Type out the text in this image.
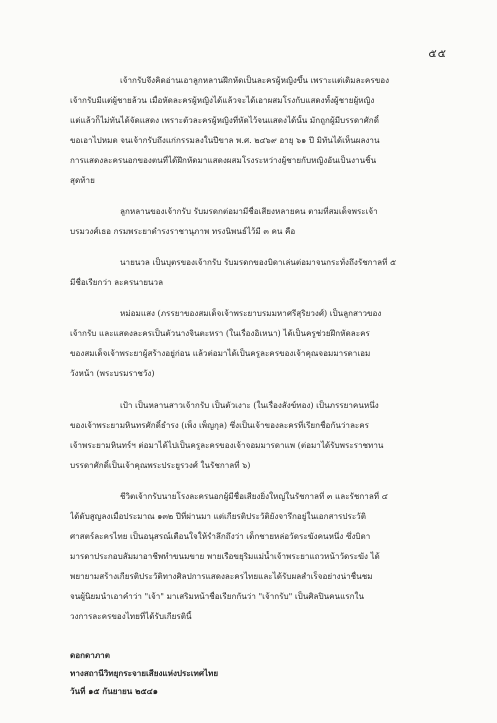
๕๕
เจ้ากรับจึงคิดอ่านเอาลูกหลานฝึกหัดเป็นละครผู้หญิงขึ้น เพราะแต่เดิมละครของ
เจ้ากรับมีแต่ผู้ชายล้วน เมื่อหัดละครผู้หญิงได้แล้วจะได้เอาผสมโรงกับแสดงทั้งผู้ชายผู้หญิง
แต่แล้วก็ไม่ทันได้จัดแสดง เพราะตัวละครผู้หญิงที่หัดไว้จนแสดงได้นั้น มักถูกผู้มีบรรดาศักดิ์
ขอเอาไปหมด จนเจ้ากรับถึงแก่กรรมลงในปีขาล พ.ศ. ๒๔๖๙ อายุ ๖๑ ปี มิทันได้เห็นผลงาน
การแสดงละครนอกของตนที่ได้ฝึกหัดมาแสดงผสมโรงระหว่างผู้ชายกับหญิงอันเป็นงานชิ้น
สุดท้าย
ลูกหลานของเจ้ากรับ รับมรดกต่อมามีชื่อเสียงหลายคน ตามที่สมเด็จพระเจ้า
บรมวงศ์เธอ กรมพระยาดำรงราชานุภาพ ทรงนิพนธ์ไว้มี ๓ คน คือ
นายนวล เป็นบุตรของเจ้ากรับ รับมรดกของบิดาเล่นต่อมาจนกระทั่งถึงรัชกาลที่ ๕
มีชื่อเรียกว่า ละครนายนวล
หม่อมแสง (ภรรยาของสมเด็จเจ้าพระยาบรมมหาศรีสุริยวงศ์) เป็นลูกสาวของ
เจ้ากรับ และแสดงละครเป็นตัวนางจินตะหรา (ในเรื่องอิเหนา) ได้เป็นครูช่วยฝึกหัดละคร
ของสมเด็จเจ้าพระยาผู้สร้างอยู่ก่อน แล้วต่อมาได้เป็นครูละครของเจ้าคุณจอมมารดาเอม
วังหน้า (พระบรมราชวัง)
เป้า เป็นหลานสาวเจ้ากรับ เป็นตัวเงาะ (ในเรื่องสังข์ทอง) เป็นภรรยาคนหนึ่ง
ของเจ้าพระยามหินทรศักดิ์ธำรง (เพ็ง เพ็ญกุล) ซึ่งเป็นเจ้าของละครที่เรียกชื่อกันว่าละคร
เจ้าพระยามหินทร์ฯ ต่อมาได้ไปเป็นครูละครของเจ้าจอมมารดาแพ (ต่อมาได้รับพระราชทาน
บรรดาศักดิ์เป็นเจ้าคุณพระประยูรวงศ์ ในรัชกาลที่ ๖)
ชีวิตเจ้ากรับนายโรงละครนอกผู้มีชื่อเสียงยิ่งใหญ่ในรัชกาลที่ ๓ และรัชกาลที่ ๔
ได้ดับสูญลงเมื่อประมาณ ๑๓๒ ปีที่ผ่านมา แต่เกียรติประวัติยังจารึกอยู่ในเอกสารประวัติ
ศาสตร์ละครไทย เป็นอนุสรณ์เตือนใจให้รำลึกถึงว่า เด็กชายหล่อวัดระฆังคนหนึ่ง ซึ่งบิดา
มารดาประกอบสัมมาอาชีพทำขนมขาย พายเรือขยุริมแม่น้ำเจ้าพระยาแถวหน้าวัดระฆัง ได้
พยายามสร้างเกียรติประวัติทางศิลปการแสดงละครไทยและได้รับผลสำเร็จอย่างน่าชื่นชม
จนผู้นิยมนำเอาคำว่า "เจ้า" มาเสริมหน้าชื่อเรียกกันว่า "เจ้ากรับ" เป็นศิลปินคนแรกใน
วงการละครของไทยที่ได้รับเกียรตินี้
ดอกดาภาต
ทางสถานีวิทยุกระจายเสียงแห่งประเทศไทย
วันที่ ๑๕ กันยายน ๒๕๔๑
